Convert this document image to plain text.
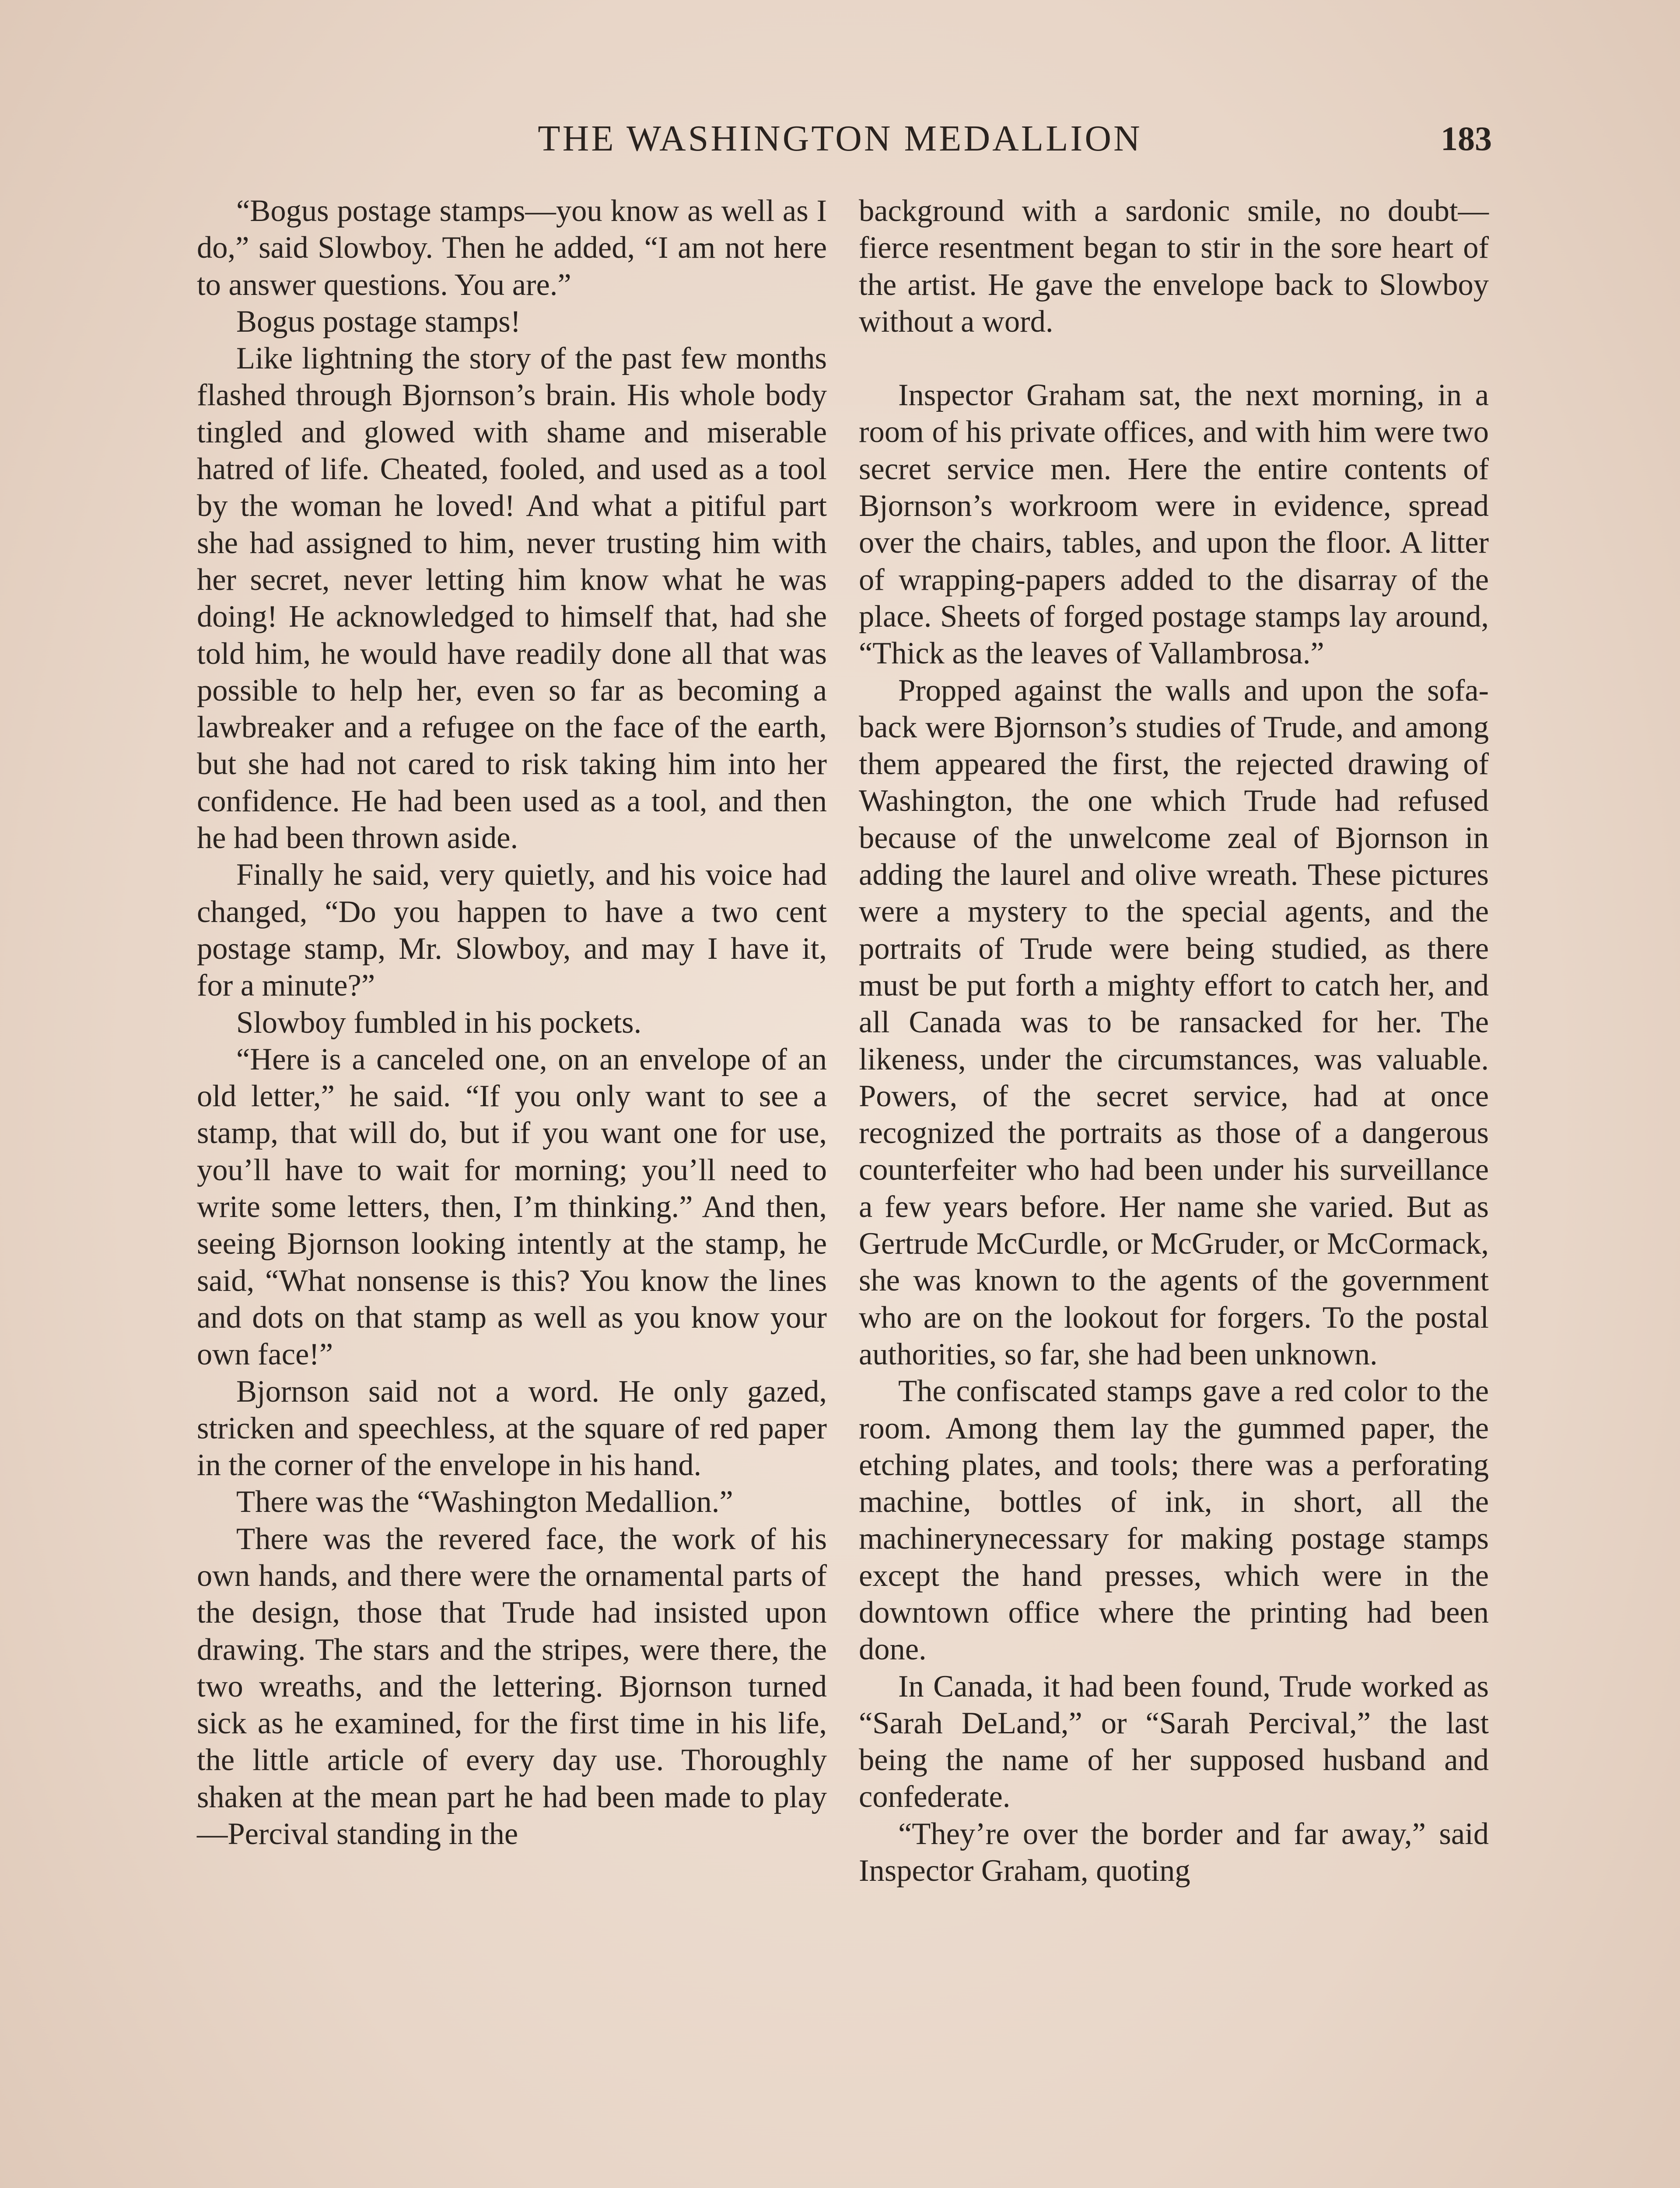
THE WASHINGTON MEDALLION	183

“Bogus postage stamps—you know as well as I do,” said Slowboy. Then he added, “I am not here to answer questions. You are.”

Bogus postage stamps!

Like lightning the story of the past few months flashed through Bjornson’s brain. His whole body tingled and glowed with shame and miserable hatred of life. Cheated, fooled, and used as a tool by the woman he loved! And what a pitiful part she had assigned to him, never trusting him with her secret, never letting him know what he was doing! He acknowledged to himself that, had she told him, he would have readily done all that was possible to help her, even so far as becoming a lawbreaker and a refugee on the face of the earth, but she had not cared to risk taking him into her confidence. He had been used as a tool, and then he had been thrown aside.

Finally he said, very quietly, and his voice had changed, “Do you happen to have a two cent postage stamp, Mr. Slowboy, and may I have it, for a minute?”

Slowboy fumbled in his pockets.

“Here is a canceled one, on an envelope of an old letter,” he said. “If you only want to see a stamp, that will do, but if you want one for use, you’ll have to wait for morning; you’ll need to write some letters, then, I’m thinking.” And then, seeing Bjornson looking intently at the stamp, he said, “What nonsense is this? You know the lines and dots on that stamp as well as you know your own face!”

Bjornson said not a word. He only gazed, stricken and speechless, at the square of red paper in the corner of the envelope in his hand.

There was the “Washington Medallion.”

There was the revered face, the work of his own hands, and there were the ornamental parts of the design, those that Trude had insisted upon drawing. The stars and the stripes, were there, the two wreaths, and the lettering. Bjornson turned sick as he examined, for the first time in his life, the little article of every day use. Thoroughly shaken at the mean part he had been made to play—Percival standing in the

background with a sardonic smile, no doubt—fierce resentment began to stir in the sore heart of the artist. He gave the envelope back to Slowboy without a word.

Inspector Graham sat, the next morning, in a room of his private offices, and with him were two secret service men. Here the entire contents of Bjornson’s workroom were in evidence, spread over the chairs, tables, and upon the floor. A litter of wrapping-papers added to the disarray of the place. Sheets of forged postage stamps lay around, “Thick as the leaves of Vallambrosa.”

Propped against the walls and upon the sofa-back were Bjornson’s studies of Trude, and among them appeared the first, the rejected drawing of Washington, the one which Trude had refused because of the unwelcome zeal of Bjornson in adding the laurel and olive wreath. These pictures were a mystery to the special agents, and the portraits of Trude were being studied, as there must be put forth a mighty effort to catch her, and all Canada was to be ransacked for her. The likeness, under the circumstances, was valuable. Powers, of the secret service, had at once recognized the portraits as those of a dangerous counterfeiter who had been under his surveillance a few years before. Her name she varied. But as Gertrude McCurdle, or McGruder, or McCormack, she was known to the agents of the government who are on the lookout for forgers. To the postal authorities, so far, she had been unknown.

The confiscated stamps gave a red color to the room. Among them lay the gummed paper, the etching plates, and tools; there was a perforating machine, bottles of ink, in short, all the machinerynecessary for making postage stamps except the hand presses, which were in the downtown office where the printing had been done.

In Canada, it had been found, Trude worked as “Sarah DeLand,” or “Sarah Percival,” the last being the name of her supposed husband and confederate.

“They’re over the border and far away,” said Inspector Graham, quoting
